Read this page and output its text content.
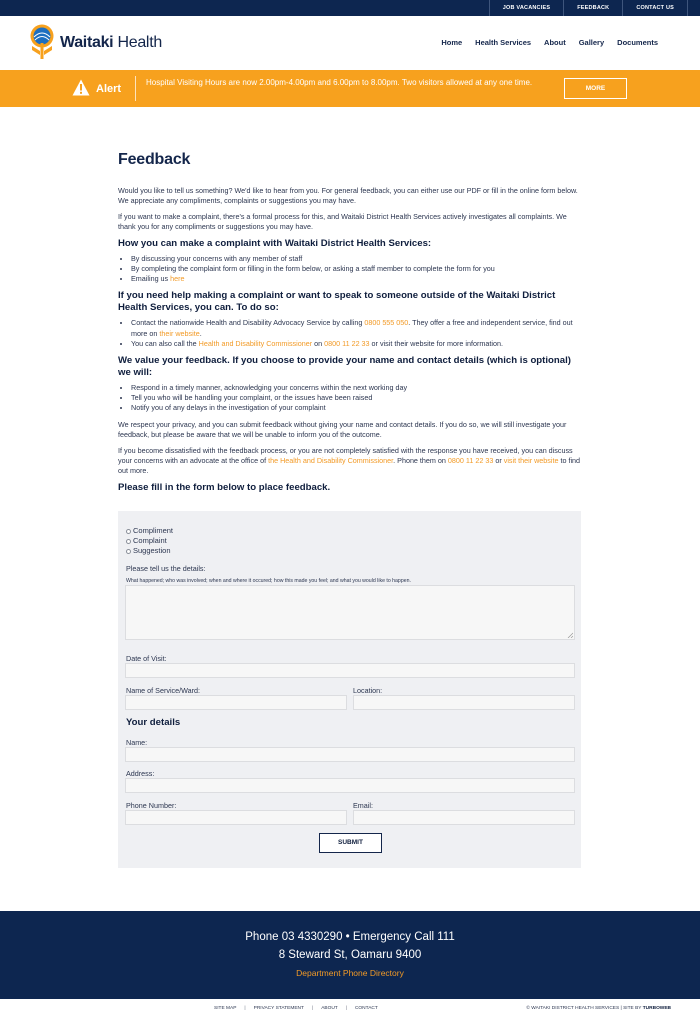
JOB VACANCIES	FEEDBACK	CONTACT US
Waitaki Health	Home Health Services About Gallery Documents
Alert
Hospital Visiting Hours are now 2.00pm-4.00pm and 6.00pm to 8.00pm. Two visitors allowed at any one time.
MORE
Feedback

Would you like to tell us something? We'd like to hear from you. For general feedback, you can either use our PDF or fill in the online form below. We appreciate any compliments, complaints or suggestions you may have.

If you want to make a complaint, there's a formal process for this, and Waitaki District Health Services actively investigates all complaints. We thank you for any compliments or suggestions you may have.

How you can make a complaint with Waitaki District Health Services:
• By discussing your concerns with any member of staff
• By completing the complaint form or filling in the form below, or asking a staff member to complete the form for you
• Emailing us here
If you need help making a complaint or want to speak to someone outside of the Waitaki District Health Services, you can. To do so:
• Contact the nationwide Health and Disability Advocacy Service by calling 0800 555 050. They offer a free and independent service, find out more on their website.
• You can also call the Health and Disability Commissioner on 0800 11 22 33 or visit their website for more information.
We value your feedback. If you choose to provide your name and contact details (which is optional) we will:
• Respond in a timely manner, acknowledging your concerns within the next working day
• Tell you who will be handling your complaint, or the issues have been raised
• Notify you of any delays in the investigation of your complaint

We respect your privacy, and you can submit feedback without giving your name and contact details. If you do so, we will still investigate your feedback, but please be aware that we will be unable to inform you of the outcome.

If you become dissatisfied with the feedback process, or you are not completely satisfied with the response you have received, you can discuss your concerns with an advocate at the office of the Health and Disability Commissioner. Phone them on 0800 11 22 33 or visit their website to find out more.

Please fill in the form below to place feedback.
Compliment
Complaint
Suggestion
Please tell us the details:
What happened; who was involved; when and where it occured; how this made you feel; and what you would like to happen.
Date of Visit:
Name of Service/Ward:	Location:
Your details
Name:
Address:
Phone Number:	Email:
SUBMIT
Phone 03 4330290 • Emergency Call 111
8 Steward St, Oamaru 9400
Department Phone Directory
SITE MAP | PRIVACY STATEMENT | ABOUT | CONTACT	© WAITAKI DISTRICT HEALTH SERVICES | SITE BY TURBOWEB
